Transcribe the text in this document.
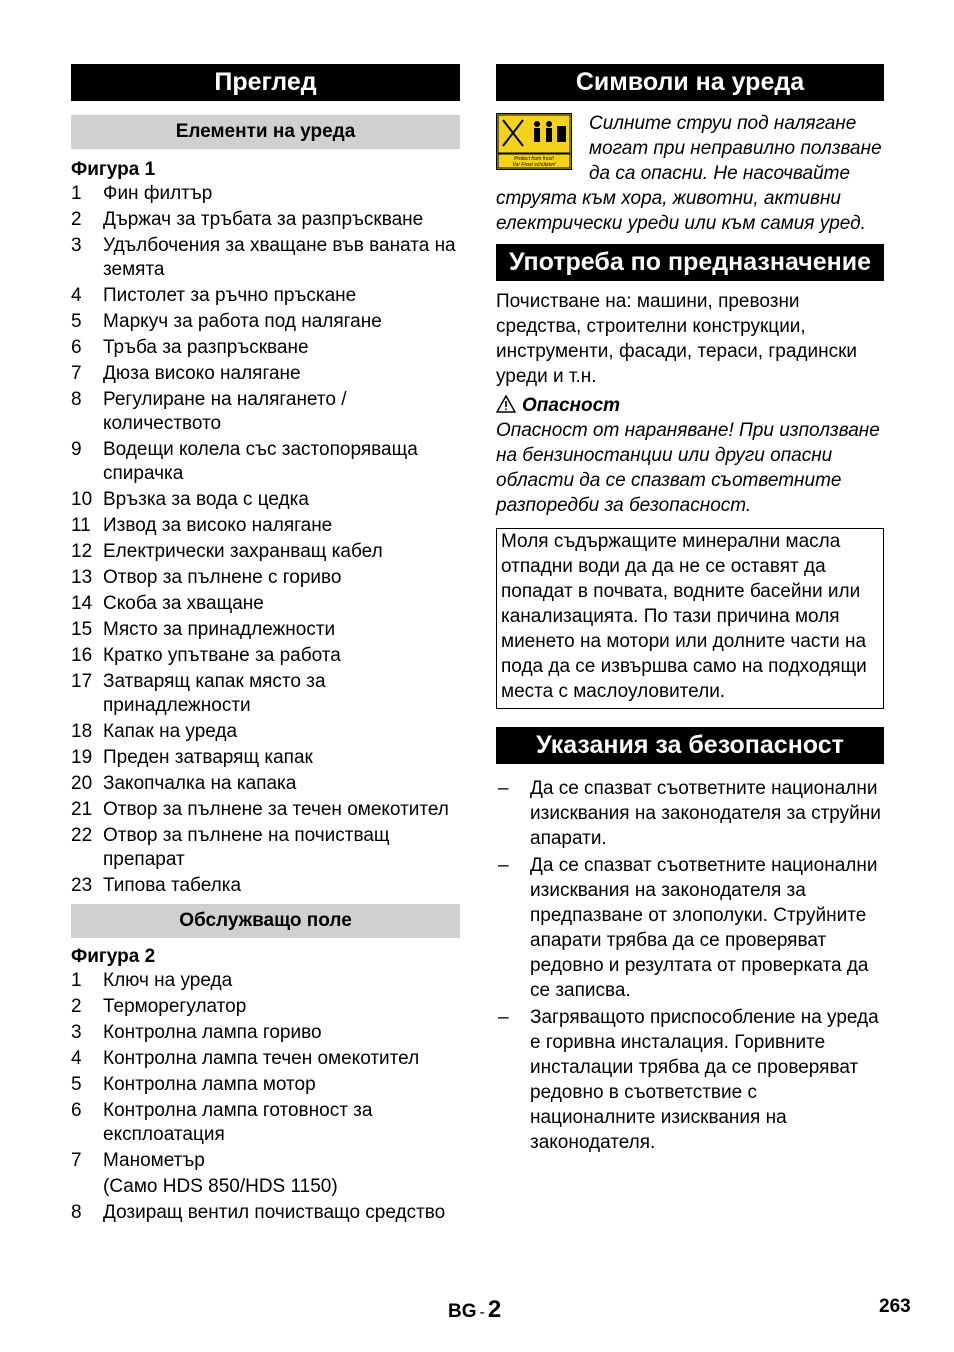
Преглед
Елементи на уреда
Фигура 1
1	Фин филтър
2	Държач за тръбата за разпръскване
3	Удълбочения за хващане във ваната на земята
4	Пистолет за ръчно пръскане
5	Маркуч за работа под налягане
6	Тръба за разпръскване
7	Дюза високо налягане
8	Регулиране на налягането / количеството
9	Водещи колела със застопоряваща спирачка
10 Връзка за вода с цедка
11 Извод за високо налягане
12 Електрически захранващ кабел
13 Отвор за пълнене с гориво
14 Скоба за хващане
15 Място за принадлежности
16 Кратко упътване за работа
17 Затварящ капак място за принадлежности
18 Капак на уреда
19 Преден затварящ капак
20 Закопчалка на капака
21 Отвор за пълнене за течен омекотител
22 Отвор за пълнене на почистващ препарат
23 Типова табелка
Обслужващо поле
Фигура 2
1	Ключ на уреда
2	Терморегулатор
3	Контролна лампа гориво
4	Контролна лампа течен омекотител
5	Контролна лампа мотор
6	Контролна лампа готовност за експлоатация
7	Манометър
(Само HDS 850/HDS 1150)
8	Дозиращ вентил почистващо средство
Символи на уреда
Protect from frost!
Vor Frost schützen!
Силните струи под налягане могат при неправилно ползване да са опасни. Не насочвайте струята към хора, животни, активни електрически уреди или към самия уред.
Употреба по предназначение
Почистване на: машини, превозни средства, строителни конструкции, инструменти, фасади, тераси, градински уреди и т.н.
Опасност
Опасност от нараняване! При използване на бензиностанции или други опасни области да се спазват съответните разпоредби за безопасност.
Моля съдържащите минерални масла отпадни води да да не се оставят да попадат в почвата, водните басейни или канализацията. По тази причина моля миенето на мотори или долните части на пода да се извършва само на подходящи места с маслоуловители.
Указания за безопасност
–	Да се спазват съответните национални изисквания на законодателя за струйни апарати.
–	Да се спазват съответните национални изисквания на законодателя за предпазване от злополуки. Струйните апарати трябва да се проверяват редовно и резултата от проверката да се записва.
–	Загряващото приспособление на уреда е горивна инсталация. Горивните инсталации трябва да се проверяват редовно в съответствие с националните изисквания на законодателя.
BG - 2	263
